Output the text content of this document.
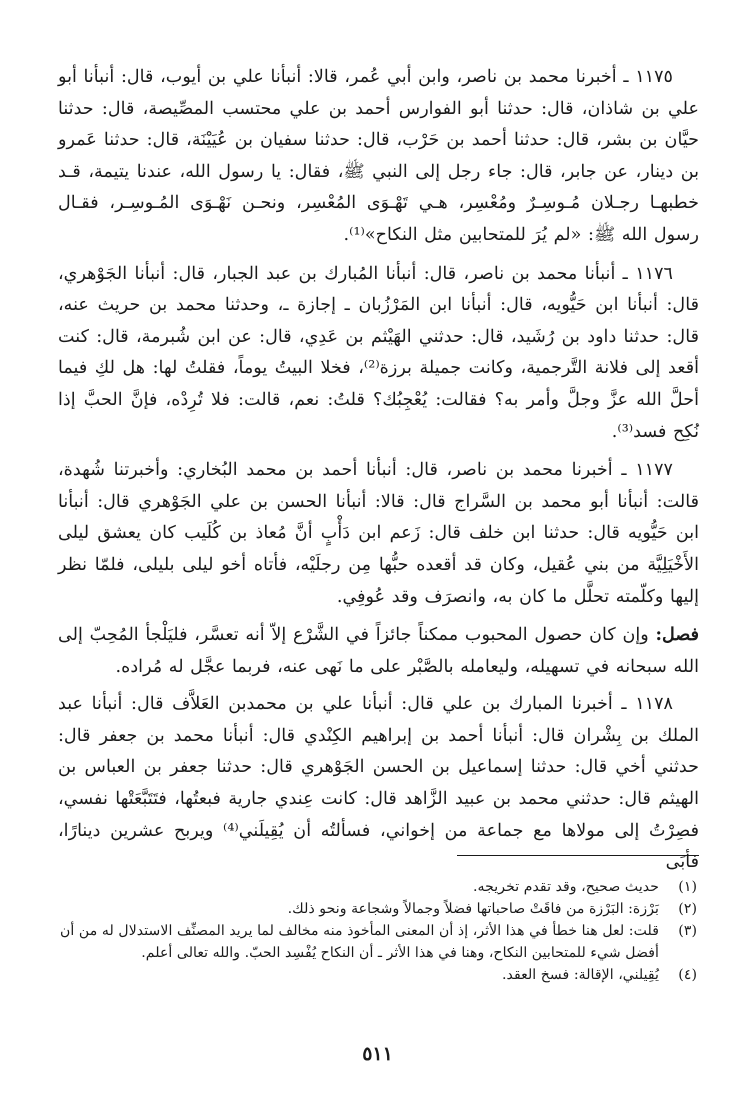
١١٧٥ ـ أخبرنا محمد بن ناصر، وابن أبي عُمر، قالا: أنبأنا علي بن أيوب، قال: أنبأنا أبو علي بن شاذان، قال: حدثنا أبو الفوارس أحمد بن علي محتسب المصِّيصة، قال: حدثنا حيَّان بن بشر، قال: حدثنا أحمد بن حَرْب، قال: حدثنا سفيان بن عُيَيْنَة، قال: حدثنا عَمرو بن دينار، عن جابر، قال: جاء رجل إلى النبي ﷺ، فقال: يا رسول الله، عندنا يتيمة، قـد خطبهـا رجـلان مُـوسِـرٌ ومُعْسِر، هـي تَهْـوَى المُعْسِر، ونحـن نَهْـوَى المُـوسِـر، فقـال رسول الله ﷺ: «لم يُرَ للمتحابين مثل النكاح»⁽¹⁾.

١١٧٦ ـ أنبأنا محمد بن ناصر، قال: أنبأنا المُبارك بن عبد الجبار، قال: أنبأنا الجَوْهري، قال: أنبأنا ابن حَيُّويه، قال: أنبأنا ابن المَرْزُبان ـ إجازة ـ، وحدثنا محمد بن حريث عنه، قال: حدثنا داود بن رُشَيد، قال: حدثني الهَيْثم بن عَدِي، قال: عن ابن شُبرمة، قال: كنت أقعد إلى فلانة التَّرجمية، وكانت جميلة برزة⁽²⁾، فخلا البيتُ يوماً، فقلتُ لها: هل لكِ فيما أحلَّ الله عزَّ وجلَّ وأمر به؟ فقالت: يُعْجِبُك؟ قلتُ: نعم، قالت: فلا تُرِدْه، فإنَّ الحبَّ إذا نُكِح فسد⁽³⁾.

١١٧٧ ـ أخبرنا محمد بن ناصر، قال: أنبأنا أحمد بن محمد البُخاري: وأخبرتنا شُهدة، قالت: أنبأنا أبو محمد بن السَّراج قال: قالا: أنبأنا الحسن بن علي الجَوْهري قال: أنبأنا ابن حَيُّويه قال: حدثنا ابن خلف قال: زَعم ابن دَأْبٍ أنَّ مُعاذ بن كُلَيب كان يعشق ليلى الأَخْيَلِيَّة من بني عُقيل، وكان قد أقعده حبُّها مِن رجلَيْه، فأتاه أخو ليلى بليلى، فلمّا نظر إليها وكلّمته تحلَّل ما كان به، وانصرَف وقد عُوفِي.

فصل: وإن كان حصول المحبوب ممكناً جائزاً في الشَّرْع إلاّ أنه تعسَّر، فليَلْجأ المُحِبّ إلى الله سبحانه في تسهيله، وليعامله بالصَّبْر على ما نَهى عنه، فربما عجَّل له مُراده.

١١٧٨ ـ أخبرنا المبارك بن علي قال: أنبأنا علي بن محمدبن العَلاَّف قال: أنبأنا عبد الملك بن بِشْران قال: أنبأنا أحمد بن إبراهيم الكِنْدي قال: أنبأنا محمد بن جعفر قال: حدثني أخي قال: حدثنا إسماعيل بن الحسن الجَوْهري قال: حدثنا جعفر بن العباس بن الهيثم قال: حدثني محمد بن عبيد الزَّاهد قال: كانت عِندي جارية فبعتُها، فتَتَبَّعَتْها نفسي، فصِرْتُ إلى مولاها مع جماعة من إخواني، فسألتُه أن يُقِيلَني⁽⁴⁾ ويربح عشرين دينارًا، فأبَى

(١)
حديث صحيح، وقد تقدم تخريجه.
(٢)
بَرْزة: البَرْزة من فاقَتْ صاحباتها فضلاً وجمالاً وشجاعة ونحو ذلك.
(٣)
قلت: لعل هنا خطأ في هذا الأثر، إذ أن المعنى المأخوذ منه مخالف لما يريد المصنِّف الاستدلال له من أن أفضل شيء للمتحابين النكاح، وهنا في هذا الأثر ـ أن النكاح يُفْسِد الحبّ. والله تعالى أعلم.
(٤)
يُقِيلني، الإقالة: فسخ العقد.
٥١١
